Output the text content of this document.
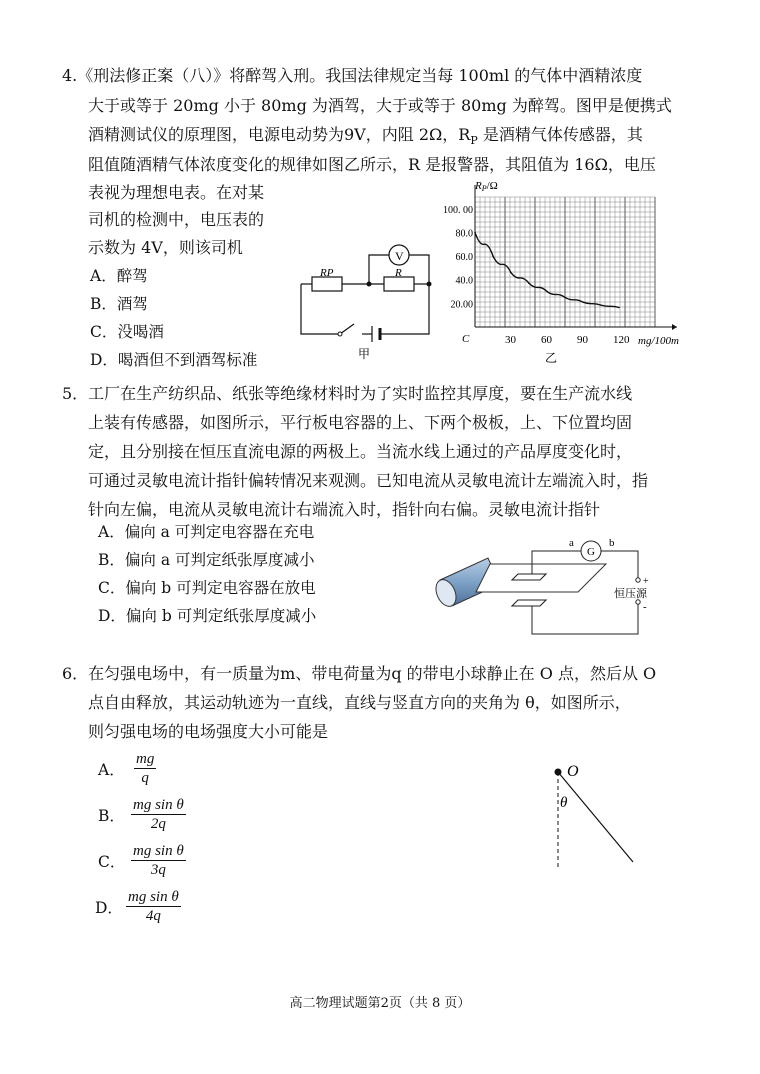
4.《刑法修正案（八）》将醉驾入刑。我国法律规定当每 100ml 的气体中酒精浓度
大于或等于 20mg 小于 80mg 为酒驾，大于或等于 80mg 为醉驾。图甲是便携式
酒精测试仪的原理图，电源电动势为9V，内阻 2Ω，$R_P$ 是酒精气体传感器，其
阻值随酒精气体浓度变化的规律如图乙所示，R 是报警器，其阻值为 16Ω，电压
表视为理想电表。在对某
司机的检测中，电压表的
示数为 4V，则该司机
A．醉驾
B．酒驾
C．没喝酒
D．喝酒但不到酒驾标准
RP	R
V
甲
30 60 90 120
20.00
40.0
60.0
80.0
100. 00
RP/Ω
C	mg/100m
乙
5．工厂在生产纺织品、纸张等绝缘材料时为了实时监控其厚度，要在生产流水线
上装有传感器，如图所示，平行板电容器的上、下两个极板，上、下位置均固
定，且分别接在恒压直流电源的两极上。当流水线上通过的产品厚度变化时，
可通过灵敏电流计指针偏转情况来观测。已知电流从灵敏电流计左端流入时，指
针向左偏，电流从灵敏电流计右端流入时，指针向右偏。灵敏电流计指针
A．偏向 a 可判定电容器在充电
B．偏向 a 可判定纸张厚度减小
C．偏向 b 可判定电容器在放电
D．偏向 b 可判定纸张厚度减小
G
a	b
+
-
恒压源
6．在匀强电场中，有一质量为m、带电荷量为q 的带电小球静止在 O 点，然后从 O
点自由释放，其运动轨迹为一直线，直线与竖直方向的夹角为 θ，如图所示，
则匀强电场的电场强度大小可能是
A． $\frac{mg}{q}$
B． $\frac{\text{mg sin θ}}{2q}$
C． $\frac{\text{mg sin θ}}{3q}$
D． $\frac{\text{mg sin θ}}{4q}$
O
θ
高二物理试题第2页（共 8 页）
